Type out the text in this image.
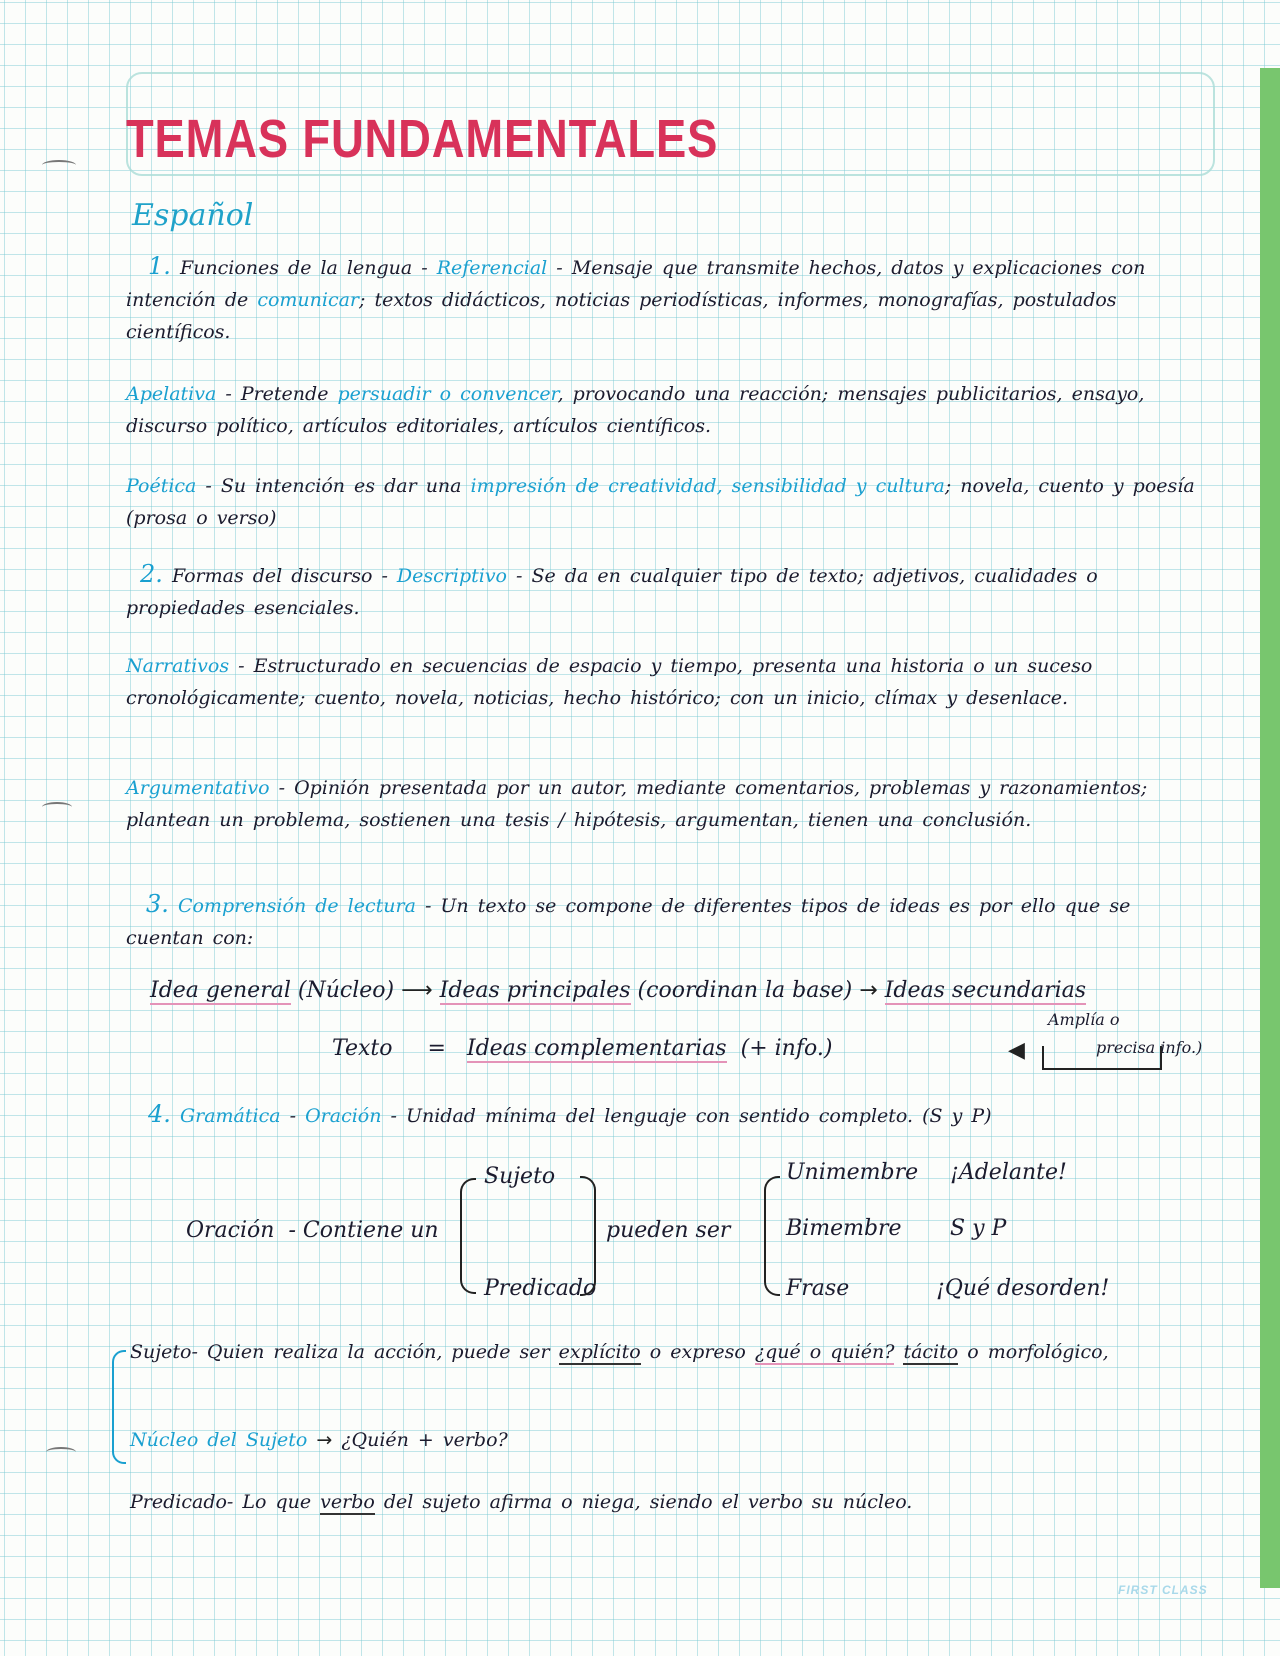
TEMAS FUNDAMENTALES
Español

1. Funciones de la lengua - Referencial - Mensaje que transmite hechos, datos y explicaciones con intención de comunicar; textos didácticos, noticias periodísticas, informes, monografías, postulados científicos.

Apelativa - Pretende persuadir o convencer, provocando una reacción; mensajes publicitarios, ensayo, discurso político, artículos editoriales, artículos científicos.

Poética - Su intención es dar una impresión de creatividad, sensibilidad y cultura; novela, cuento y poesía (prosa o verso)

2. Formas del discurso - Descriptivo - Se da en cualquier tipo de texto; adjetivos, cualidades o propiedades esenciales.

Narrativos - Estructurado en secuencias de espacio y tiempo, presenta una historia o un suceso cronológicamente; cuento, novela, noticias, hecho histórico; con un inicio, clímax y desenlace.

Argumentativo - Opinión presentada por un autor, mediante comentarios, problemas y razonamientos; plantean un problema, sostienen una tesis / hipótesis, argumentan, tienen una conclusión.

3. Comprensión de lectura - Un texto se compone de diferentes tipos de ideas es por ello que se cuentan con:

Idea general (Núcleo) ⟶ Ideas principales (coordinan la base) → Ideas secundarias
Amplía o
precisa info.)
Texto = Ideas complementarias (+ info.)	◀

4. Gramática - Oración - Unidad mínima del lenguaje con sentido completo. (S y P)

Oración - Contiene un
Sujeto
Predicado
pueden ser
Unimembre
Bimembre
Frase
¡Adelante!
S y P
¡Qué desorden!

Sujeto- Quien realiza la acción, puede ser explícito o expreso ¿qué o quién? tácito o morfológico,

Núcleo del Sujeto → ¿Quién + verbo?

Predicado- Lo que verbo del sujeto afirma o niega, siendo el verbo su núcleo.

FIRST CLASS
